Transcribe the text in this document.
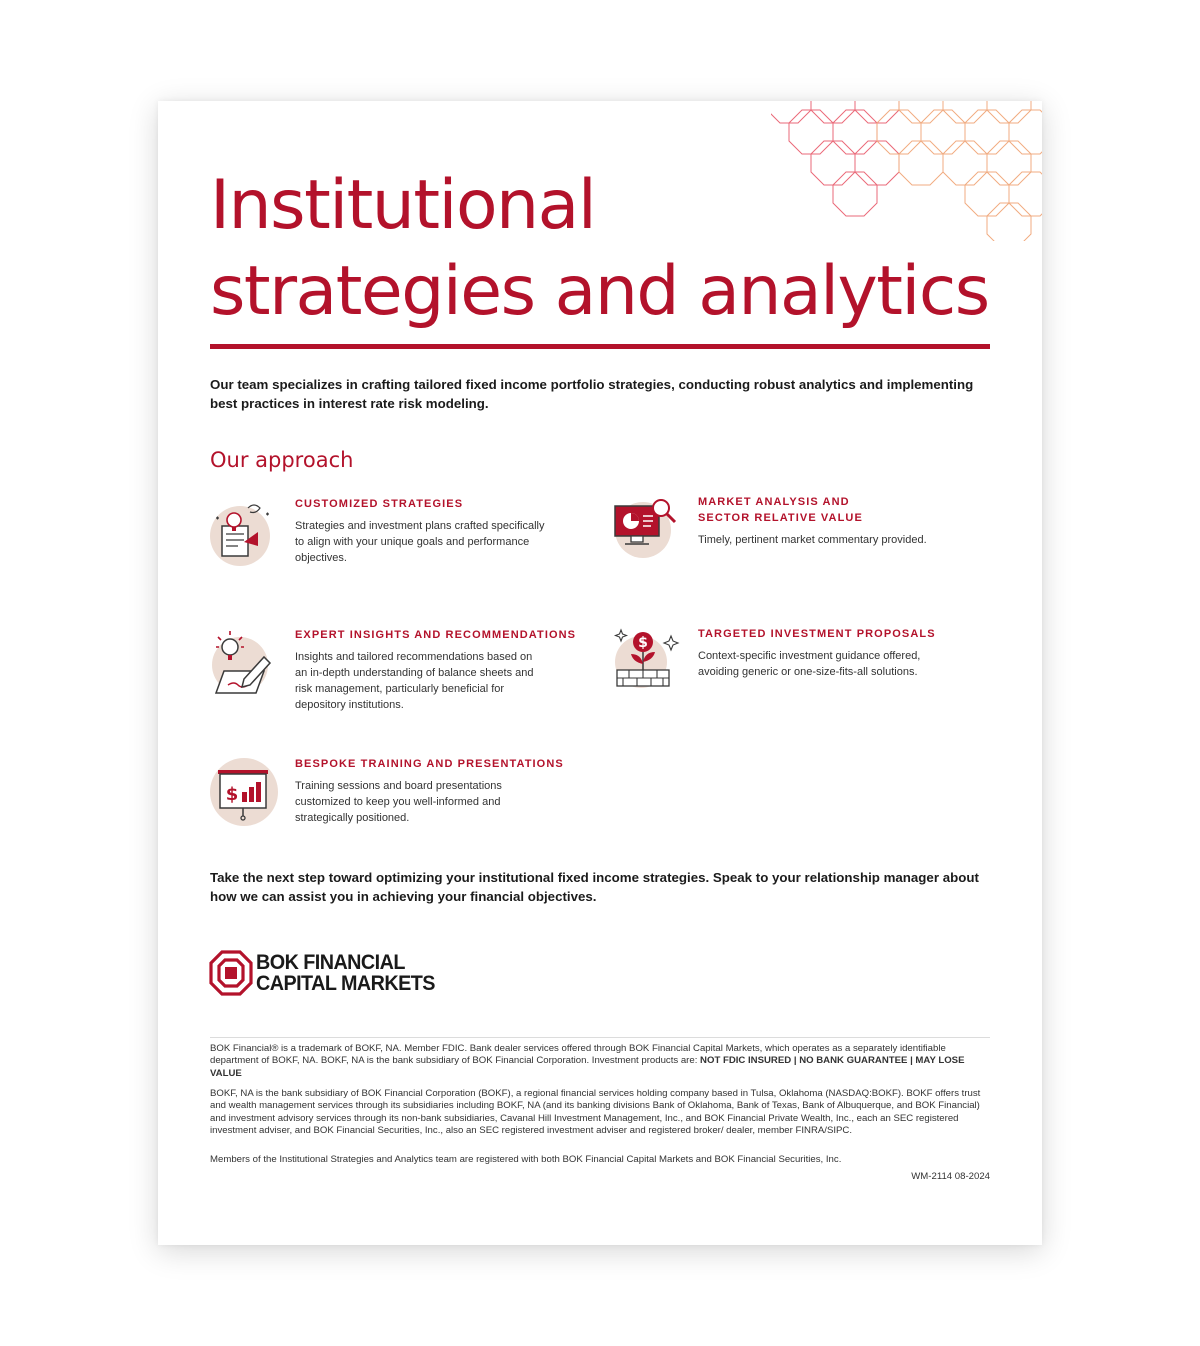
Institutional
strategies and analytics

Our team specializes in crafting tailored fixed income portfolio strategies, conducting robust analytics and implementing best practices in interest rate risk modeling.

Our approach
CUSTOMIZED STRATEGIES
Strategies and investment plans crafted specifically to align with your unique goals and performance objectives.
MARKET ANALYSIS AND
SECTOR RELATIVE VALUE
Timely, pertinent market commentary provided.
EXPERT INSIGHTS AND RECOMMENDATIONS
Insights and tailored recommendations based on an in-depth understanding of balance sheets and risk management, particularly beneficial for depository institutions.
$
TARGETED INVESTMENT PROPOSALS
Context-specific investment guidance offered, avoiding generic or one-size-fits-all solutions.
$
BESPOKE TRAINING AND PRESENTATIONS
Training sessions and board presentations customized to keep you well-informed and strategically positioned.

Take the next step toward optimizing your institutional fixed income strategies. Speak to your relationship manager about how we can assist you in achieving your financial objectives.

BOK FINANCIAL
CAPITAL MARKETS

BOK Financial® is a trademark of BOKF, NA. Member FDIC. Bank dealer services offered through BOK Financial Capital Markets, which operates as a separately identifiable department of BOKF, NA. BOKF, NA is the bank subsidiary of BOK Financial Corporation. Investment products are: NOT FDIC INSURED | NO BANK GUARANTEE | MAY LOSE VALUE

BOKF, NA is the bank subsidiary of BOK Financial Corporation (BOKF), a regional financial services holding company based in Tulsa, Oklahoma (NASDAQ:BOKF). BOKF offers trust and wealth management services through its subsidiaries including BOKF, NA (and its banking divisions Bank of Oklahoma, Bank of Texas, Bank of Albuquerque, and BOK Financial) and investment advisory services through its non-bank subsidiaries, Cavanal Hill Investment Management, Inc., and BOK Financial Private Wealth, Inc., each an SEC registered investment adviser, and BOK Financial Securities, Inc., also an SEC registered investment adviser and registered broker/ dealer, member FINRA/SIPC.

Members of the Institutional Strategies and Analytics team are registered with both BOK Financial Capital Markets and BOK Financial Securities, Inc.

WM-2114 08-2024
